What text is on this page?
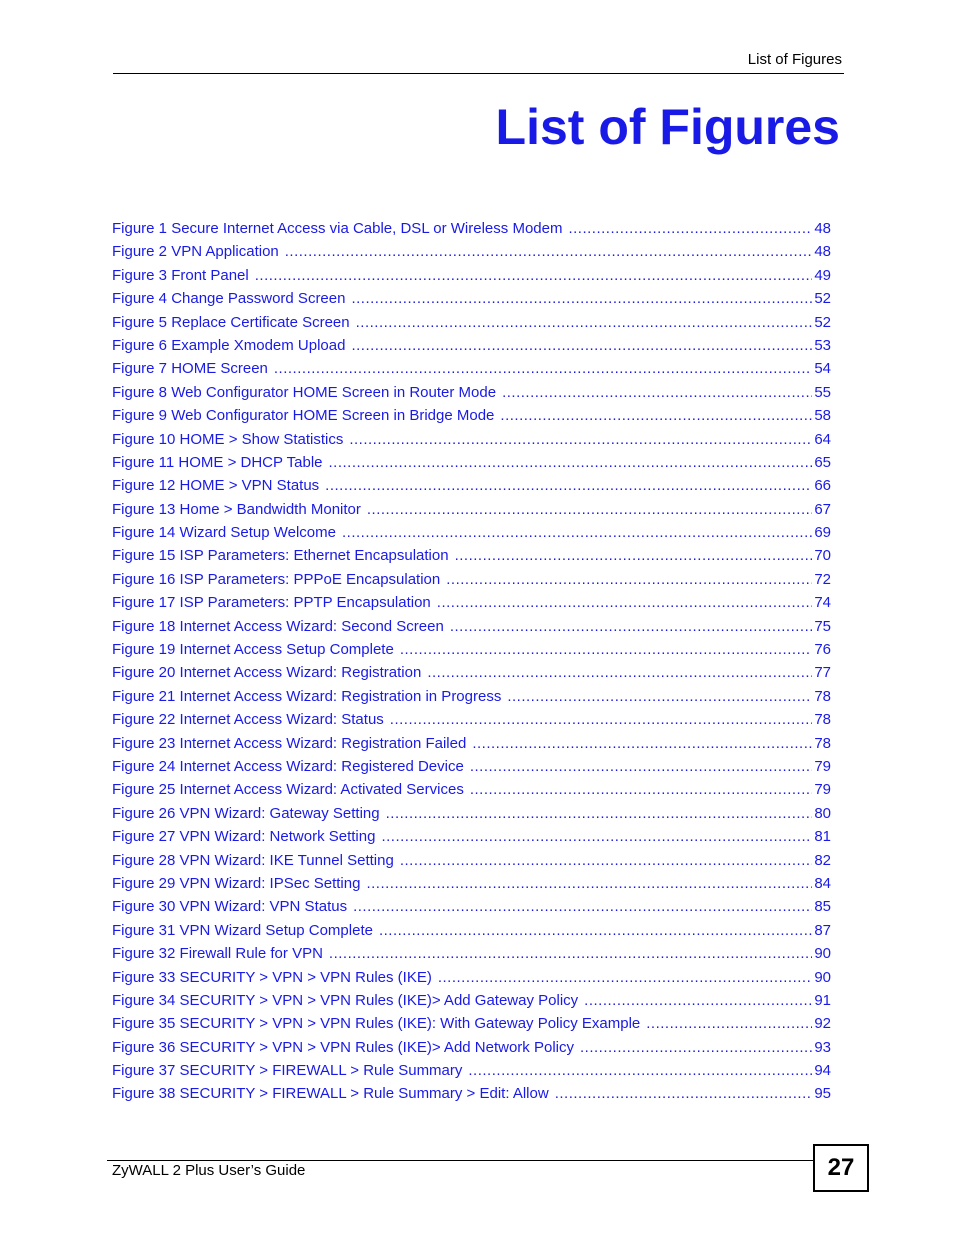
List of Figures
List of Figures
Figure 1 Secure Internet Access via Cable, DSL or Wireless Modem .....	48
Figure 2 VPN Application .....	48
Figure 3 Front Panel .....	49
Figure 4 Change Password Screen .....	52
Figure 5 Replace Certificate Screen .....	52
Figure 6 Example Xmodem Upload .....	53
Figure 7 HOME Screen .....	54
Figure 8 Web Configurator HOME Screen in Router Mode .....	55
Figure 9 Web Configurator HOME Screen in Bridge Mode .....	58
Figure 10 HOME > Show Statistics .....	64
Figure 11 HOME > DHCP Table .....	65
Figure 12 HOME > VPN Status .....	66
Figure 13 Home > Bandwidth Monitor .....	67
Figure 14 Wizard Setup Welcome .....	69
Figure 15 ISP Parameters: Ethernet Encapsulation .....	70
Figure 16 ISP Parameters: PPPoE Encapsulation .....	72
Figure 17 ISP Parameters: PPTP Encapsulation .....	74
Figure 18 Internet Access Wizard: Second Screen .....	75
Figure 19 Internet Access Setup Complete .....	76
Figure 20 Internet Access Wizard: Registration .....	77
Figure 21 Internet Access Wizard: Registration in Progress .....	78
Figure 22 Internet Access Wizard: Status .....	78
Figure 23 Internet Access Wizard: Registration Failed .....	78
Figure 24 Internet Access Wizard: Registered Device .....	79
Figure 25 Internet Access Wizard: Activated Services .....	79
Figure 26 VPN Wizard: Gateway Setting .....	80
Figure 27 VPN Wizard: Network Setting .....	81
Figure 28 VPN Wizard: IKE Tunnel Setting .....	82
Figure 29 VPN Wizard: IPSec Setting .....	84
Figure 30 VPN Wizard: VPN Status .....	85
Figure 31 VPN Wizard Setup Complete .....	87
Figure 32 Firewall Rule for VPN .....	90
Figure 33 SECURITY > VPN > VPN Rules (IKE) .....	90
Figure 34 SECURITY > VPN > VPN Rules (IKE)> Add Gateway Policy .....	91
Figure 35 SECURITY > VPN > VPN Rules (IKE): With Gateway Policy Example .....	92
Figure 36 SECURITY > VPN > VPN Rules (IKE)> Add Network Policy .....	93
Figure 37 SECURITY > FIREWALL > Rule Summary .....	94
Figure 38 SECURITY > FIREWALL > Rule Summary > Edit: Allow .....	95
ZyWALL 2 Plus User’s Guide	27
